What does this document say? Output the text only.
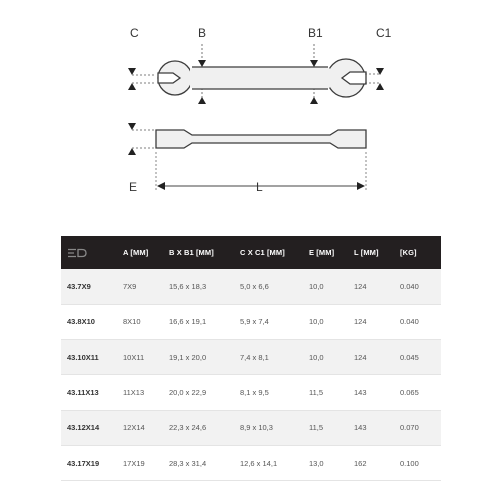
C	B	B1	C1
E	L
	A [MM]	B X B1 [MM]	C X C1 [MM]	E [MM]	L [MM]	[KG]
43.7X9	7X9	15,6 x 18,3	5,0 x 6,6	10,0	124	0.040
43.8X10	8X10	16,6 x 19,1	5,9 x 7,4	10,0	124	0.040
43.10X11	10X11	19,1 x 20,0	7,4 x 8,1	10,0	124	0.045
43.11X13	11X13	20,0 x 22,9	8,1 x 9,5	11,5	143	0.065
43.12X14	12X14	22,3 x 24,6	8,9 x 10,3	11,5	143	0.070
43.17X19	17X19	28,3 x 31,4	12,6 x 14,1	13,0	162	0.100
